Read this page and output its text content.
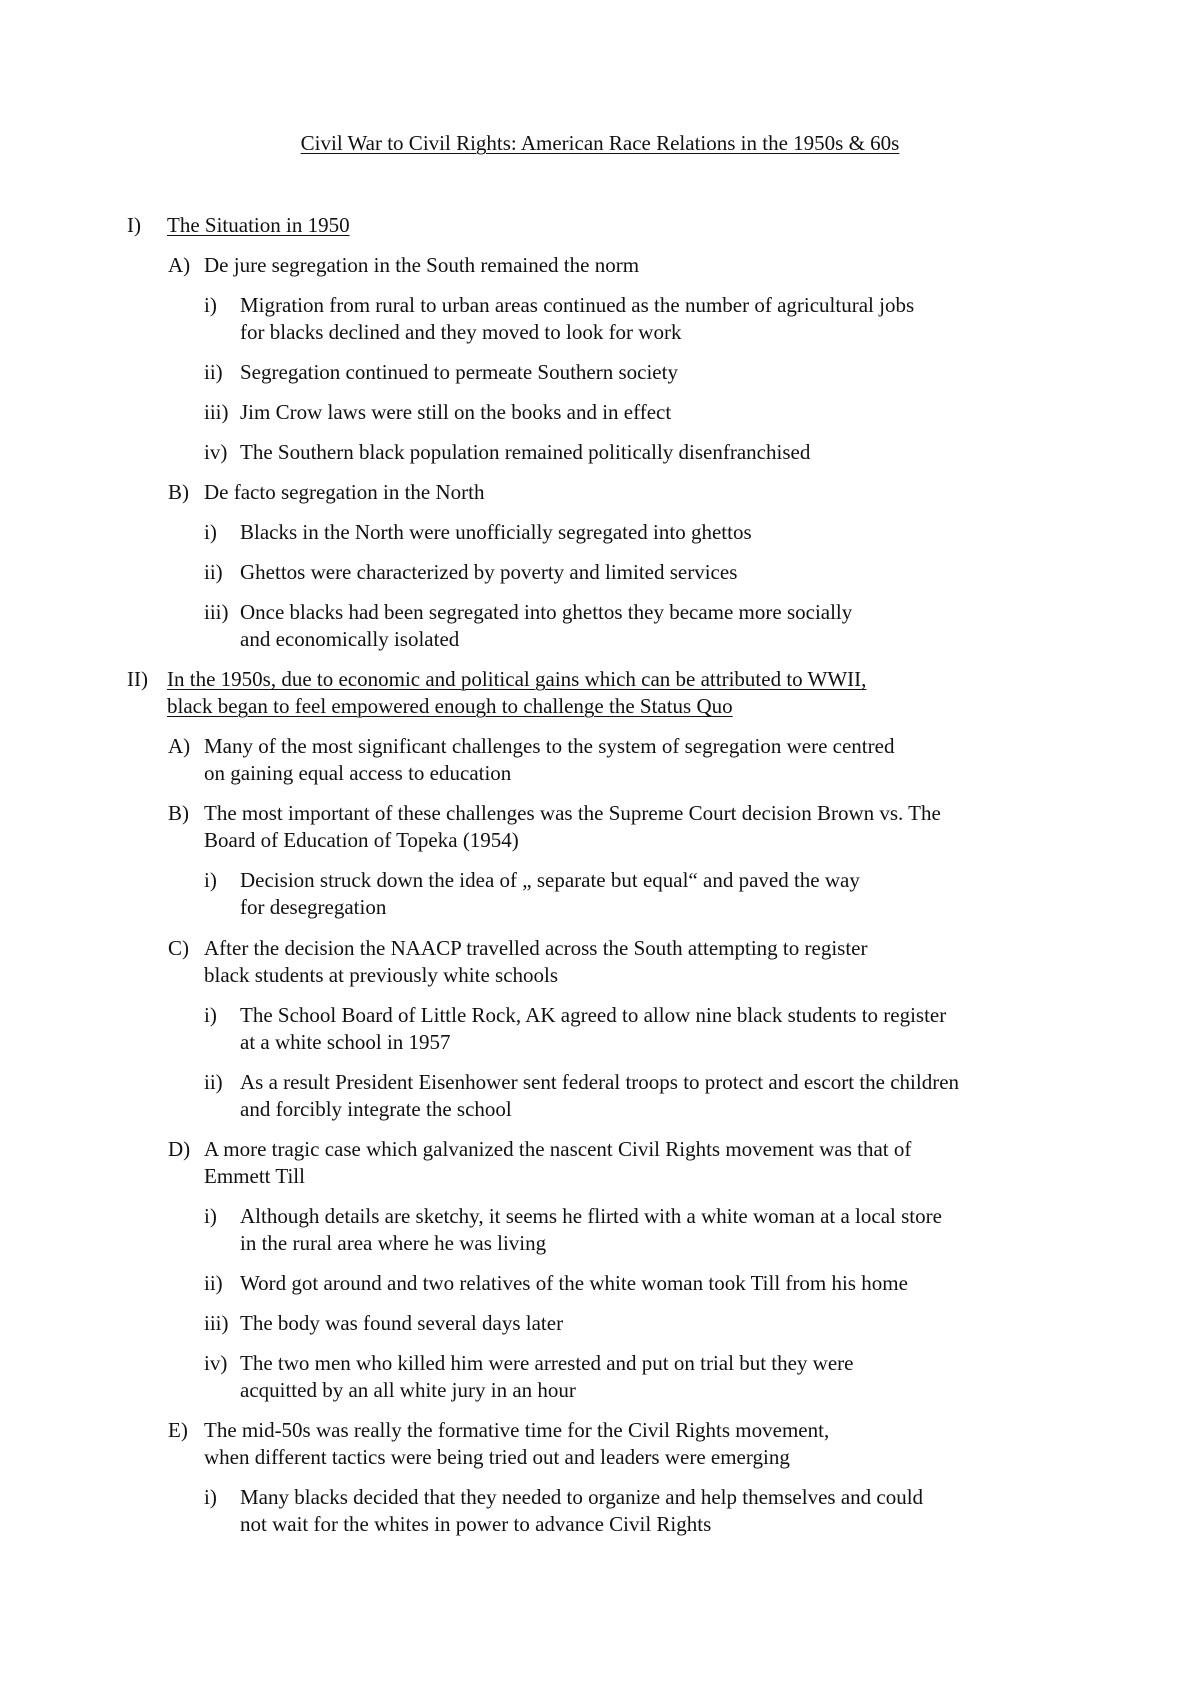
Civil War to Civil Rights: American Race Relations in the 1950s & 60s
I) The Situation in 1950
A) De jure segregation in the South remained the norm
i) Migration from rural to urban areas continued as the number of agricultural jobs
for blacks declined and they moved to look for work
ii) Segregation continued to permeate Southern society
iii) Jim Crow laws were still on the books and in effect
iv) The Southern black population remained politically disenfranchised
B) De facto segregation in the North
i) Blacks in the North were unofficially segregated into ghettos
ii) Ghettos were characterized by poverty and limited services
iii) Once blacks had been segregated into ghettos they became more socially
and economically isolated
II) In the 1950s, due to economic and political gains which can be attributed to WWII,
black began to feel empowered enough to challenge the Status Quo
A) Many of the most significant challenges to the system of segregation were centred
on gaining equal access to education
B) The most important of these challenges was the Supreme Court decision Brown vs. The
Board of Education of Topeka (1954)
i) Decision struck down the idea of „ separate but equal“ and paved the way
for desegregation
C) After the decision the NAACP travelled across the South attempting to register
black students at previously white schools
i) The School Board of Little Rock, AK agreed to allow nine black students to register
at a white school in 1957
ii) As a result President Eisenhower sent federal troops to protect and escort the children
and forcibly integrate the school
D) A more tragic case which galvanized the nascent Civil Rights movement was that of
Emmett Till
i) Although details are sketchy, it seems he flirted with a white woman at a local store
in the rural area where he was living
ii) Word got around and two relatives of the white woman took Till from his home
iii) The body was found several days later
iv) The two men who killed him were arrested and put on trial but they were
acquitted by an all white jury in an hour
E) The mid-50s was really the formative time for the Civil Rights movement,
when different tactics were being tried out and leaders were emerging
i) Many blacks decided that they needed to organize and help themselves and could
not wait for the whites in power to advance Civil Rights
